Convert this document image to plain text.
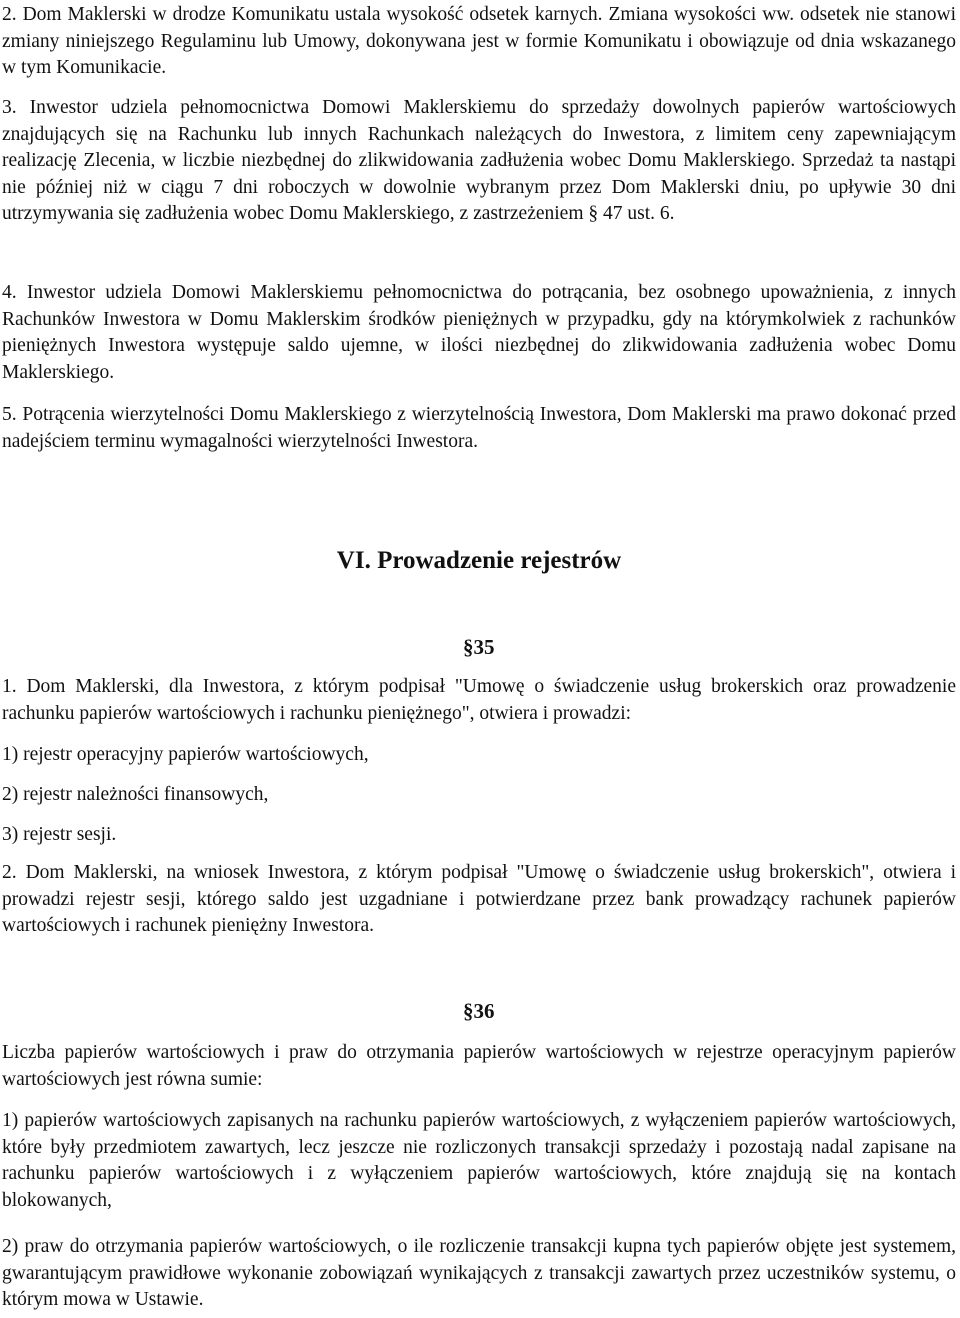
2. Dom Maklerski w drodze Komunikatu ustala wysokość odsetek karnych. Zmiana wysokości ww. odsetek nie stanowi zmiany niniejszego Regulaminu lub Umowy, dokonywana jest w formie Komunikatu i obowiązuje od dnia wskazanego w tym Komunikacie.

3. Inwestor udziela pełnomocnictwa Domowi Maklerskiemu do sprzedaży dowolnych papierów wartościowych znajdujących się na Rachunku lub innych Rachunkach należących do Inwestora, z limitem ceny zapewniającym realizację Zlecenia, w liczbie niezbędnej do zlikwidowania zadłużenia wobec Domu Maklerskiego. Sprzedaż ta nastąpi nie później niż w ciągu 7 dni roboczych w dowolnie wybranym przez Dom Maklerski dniu, po upływie 30 dni utrzymywania się zadłużenia wobec Domu Maklerskiego, z zastrzeżeniem § 47 ust. 6.

4. Inwestor udziela Domowi Maklerskiemu pełnomocnictwa do potrącania, bez osobnego upoważnienia, z innych Rachunków Inwestora w Domu Maklerskim środków pieniężnych w przypadku, gdy na którymkolwiek z rachunków pieniężnych Inwestora występuje saldo ujemne, w ilości niezbędnej do zlikwidowania zadłużenia wobec Domu Maklerskiego.

5. Potrącenia wierzytelności Domu Maklerskiego z wierzytelnością Inwestora, Dom Maklerski ma prawo dokonać przed nadejściem terminu wymagalności wierzytelności Inwestora.

VI. Prowadzenie rejestrów

§35

1. Dom Maklerski, dla Inwestora, z którym podpisał "Umowę o świadczenie usług brokerskich oraz prowadzenie rachunku papierów wartościowych i rachunku pieniężnego", otwiera i prowadzi:

1) rejestr operacyjny papierów wartościowych,

2) rejestr należności finansowych,

3) rejestr sesji.

2. Dom Maklerski, na wniosek Inwestora, z którym podpisał "Umowę o świadczenie usług brokerskich", otwiera i prowadzi rejestr sesji, którego saldo jest uzgadniane i potwierdzane przez bank prowadzący rachunek papierów wartościowych i rachunek pieniężny Inwestora.

§36

Liczba papierów wartościowych i praw do otrzymania papierów wartościowych w rejestrze operacyjnym papierów wartościowych jest równa sumie:

1) papierów wartościowych zapisanych na rachunku papierów wartościowych, z wyłączeniem papierów wartościowych, które były przedmiotem zawartych, lecz jeszcze nie rozliczonych transakcji sprzedaży i pozostają nadal zapisane na rachunku papierów wartościowych i z wyłączeniem papierów wartościowych, które znajdują się na kontach blokowanych,

2) praw do otrzymania papierów wartościowych, o ile rozliczenie transakcji kupna tych papierów objęte jest systemem, gwarantującym prawidłowe wykonanie zobowiązań wynikających z transakcji zawartych przez uczestników systemu, o którym mowa w Ustawie.
